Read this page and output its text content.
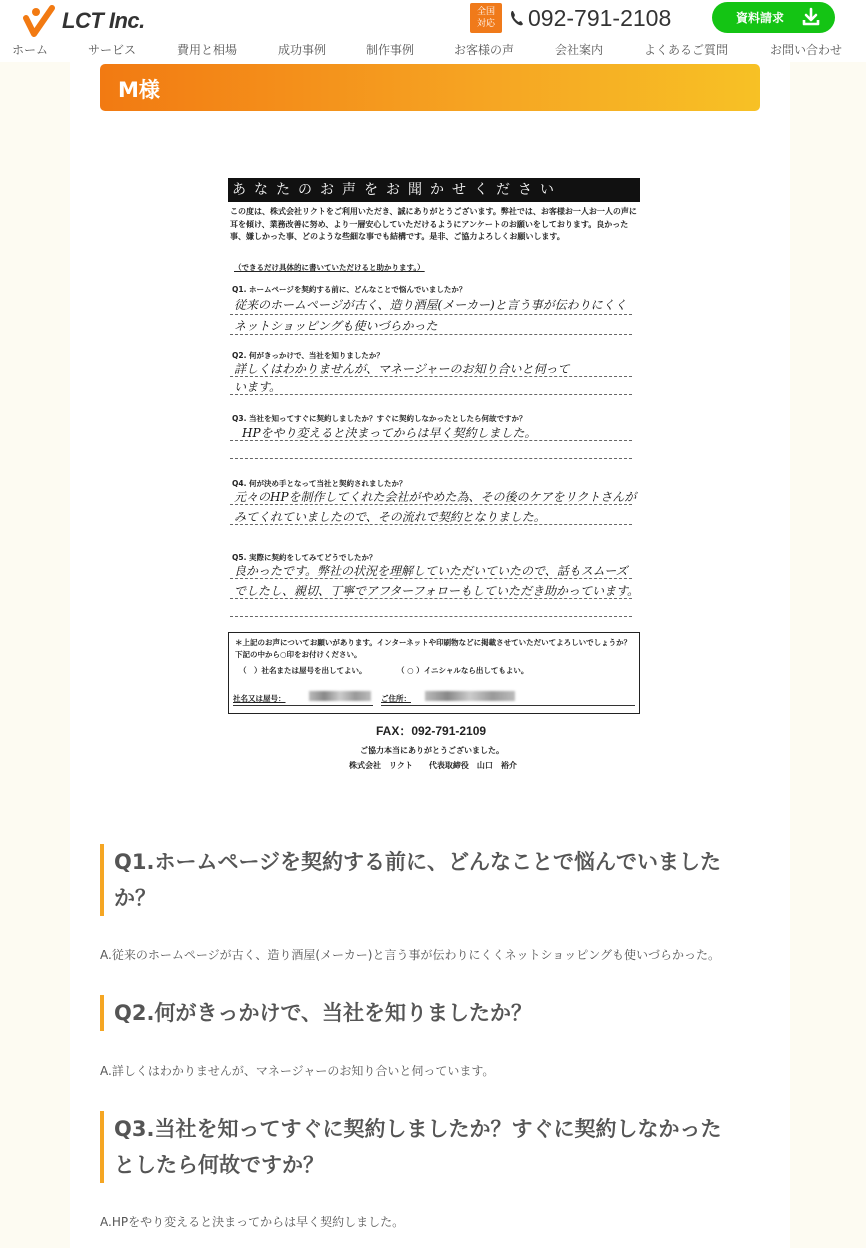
LCT Inc.	全国
対応	092-791-2108	資料請求
ホーム	サービス	費用と相場	成功事例	制作事例	お客様の声	会社案内	よくあるご質問	お問い合わせ
M様
あなたのお声をお聞かせください
この度は、株式会社リクトをご利用いただき、誠にありがとうございます。弊社では、お客様お一人お一人の声に耳を傾け、業務改善に努め、より一層安心していただけるようにアンケートのお願いをしております。良かった事、嫌しかった事、どのような些細な事でも結構です。是非、ご協力よろしくお願いします。
（できるだけ具体的に書いていただけると助かります。）
Q1. ホームページを契約する前に、どんなことで悩んでいましたか？
従来のホームページが古く、造り酒屋(メーカー)と言う事が伝わりにくく
ネットショッピングも使いづらかった
Q2. 何がきっかけで、当社を知りましたか？
詳しくはわかりませんが、マネージャーのお知り合いと伺って
います。
Q3. 当社を知ってすぐに契約しましたか？すぐに契約しなかったとしたら何故ですか？
HPをやり変えると決まってからは早く契約しました。
Q4. 何が決め手となって当社と契約されましたか？
元々のHPを制作してくれた会社がやめた為、その後のケアをリクトさんが
みてくれていましたので、その流れで契約となりました。
Q5. 実際に契約をしてみてどうでしたか？
良かったです。弊社の状況を理解していただいていたので、話もスムーズ
でしたし、親切、丁寧でアフターフォローもしていただき助かっています。
＊上記のお声についてお願いがあります。インターネットや印刷物などに掲載させていただいてよろしいでしょうか？下記の中から○印をお付けください。
（　）社名または屋号を出してよい。	（ ○ ）イニシャルなら出してもよい。
社名又は屋号：	ご住所：
FAX：092-791-2109
ご協力本当にありがとうございました。
株式会社　リクト　　代表取締役　山口　裕介
Q1.ホームページを契約する前に、どんなことで悩んでいました
か？
A.従来のホームページが古く、造り酒屋(メーカー)と言う事が伝わりにくくネットショッピングも使いづらかった。
Q2.何がきっかけで、当社を知りましたか？
A.詳しくはわかりませんが、マネージャーのお知り合いと伺っています。
Q3.当社を知ってすぐに契約しましたか？すぐに契約しなかった
としたら何故ですか？
A.HPをやり変えると決まってからは早く契約しました。
